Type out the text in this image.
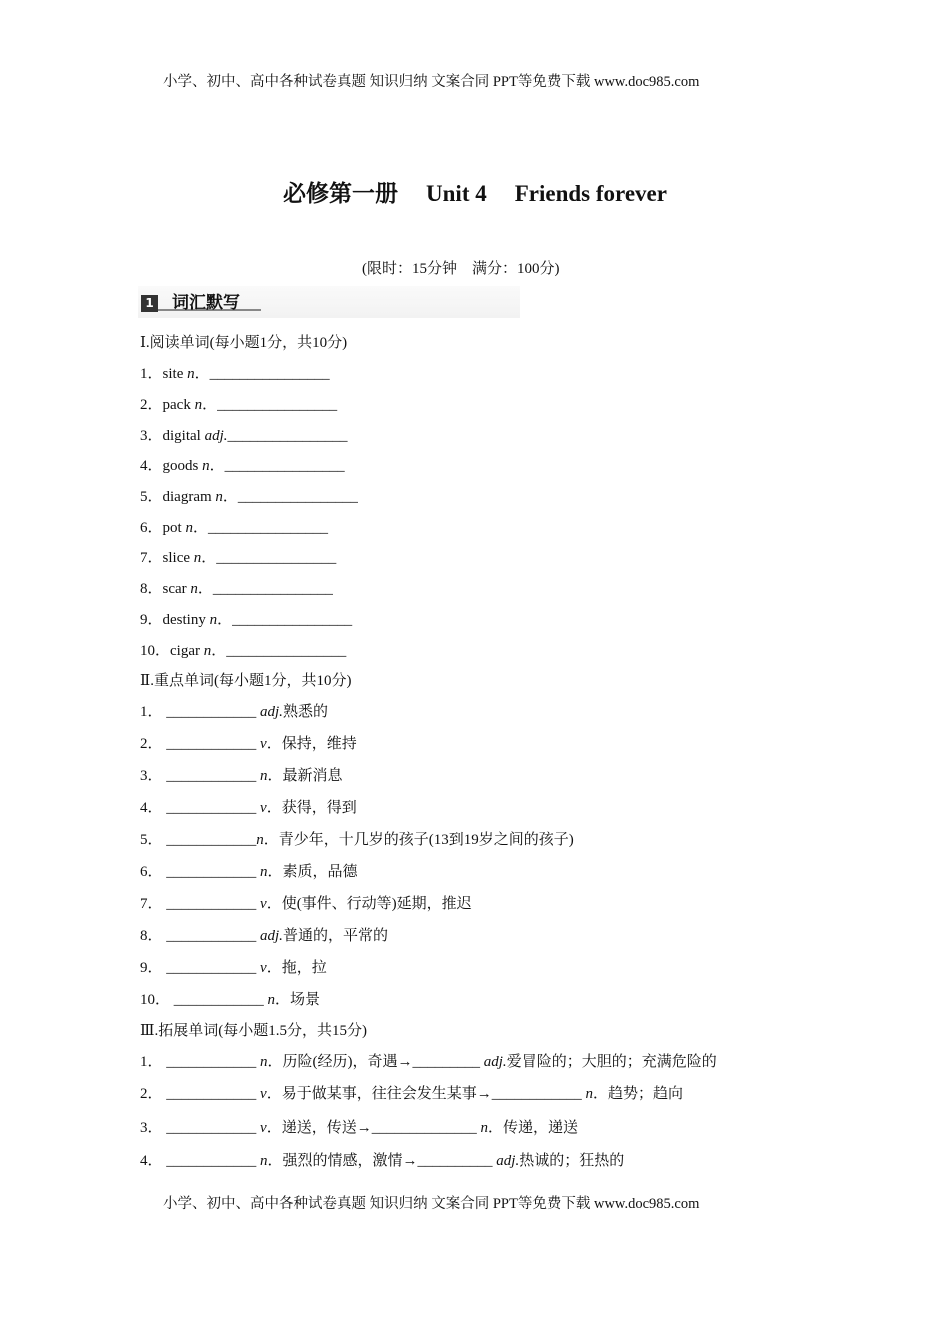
小学、初中、高中各种试卷真题 知识归纳 文案合同 PPT等免费下载 www.doc985.com
必修第一册 Unit 4 Friends forever
(限时：15分钟　满分：100分)
1 词汇默写
Ⅰ.阅读单词(每小题1分，共10分)
1．site n．________________
2．pack n．________________
3．digital adj.________________
4．goods n．________________
5．diagram n．________________
6．pot n．________________
7．slice n．________________
8．scar n．________________
9．destiny n．________________
10．cigar n．________________
Ⅱ.重点单词(每小题1分，共10分)
1． ____________ adj.熟悉的
2． ____________ v．保持，维持
3． ____________ n．最新消息
4． ____________ v．获得，得到
5． ____________n．青少年，十几岁的孩子(13到19岁之间的孩子)
6． ____________ n．素质，品德
7． ____________ v．使(事件、行动等)延期，推迟
8． ____________ adj.普通的，平常的
9． ____________ v．拖，拉
10． ____________ n．场景
Ⅲ.拓展单词(每小题1.5分，共15分)
1． ____________ n．历险(经历)，奇遇→_________ adj.爱冒险的；大胆的；充满危险的
2． ____________ v．易于做某事，往往会发生某事→____________ n．趋势；趋向
3． ____________ v．递送，传送→______________ n．传递，递送
4． ____________ n．强烈的情感，激情→__________ adj.热诚的；狂热的
小学、初中、高中各种试卷真题 知识归纳 文案合同 PPT等免费下载 www.doc985.com
